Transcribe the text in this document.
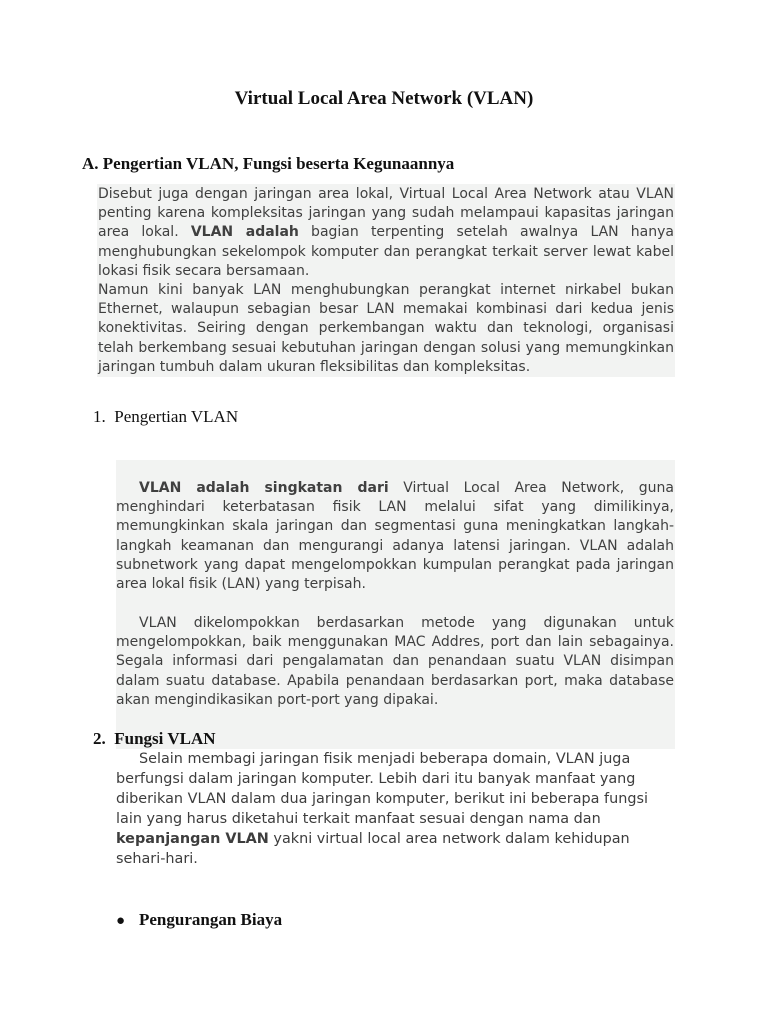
Virtual Local Area Network (VLAN)
A. Pengertian VLAN, Fungsi beserta Kegunaannya
Disebut juga dengan jaringan area lokal, Virtual Local Area Network atau VLAN penting karena kompleksitas jaringan yang sudah melampaui kapasitas jaringan area lokal. VLAN adalah bagian terpenting setelah awalnya LAN hanya menghubungkan sekelompok komputer dan perangkat terkait server lewat kabel lokasi fisik secara bersamaan.
Namun kini banyak LAN menghubungkan perangkat internet nirkabel bukan Ethernet, walaupun sebagian besar LAN memakai kombinasi dari kedua jenis konektivitas. Seiring dengan perkembangan waktu dan teknologi, organisasi telah berkembang sesuai kebutuhan jaringan dengan solusi yang memungkinkan jaringan tumbuh dalam ukuran fleksibilitas dan kompleksitas.
1. Pengertian VLAN
VLAN adalah singkatan dari Virtual Local Area Network, guna menghindari keterbatasan fisik LAN melalui sifat yang dimilikinya, memungkinkan skala jaringan dan segmentasi guna meningkatkan langkah-langkah keamanan dan mengurangi adanya latensi jaringan. VLAN adalah subnetwork yang dapat mengelompokkan kumpulan perangkat pada jaringan area lokal fisik (LAN) yang terpisah.
VLAN dikelompokkan berdasarkan metode yang digunakan untuk mengelompokkan, baik menggunakan MAC Addres, port dan lain sebagainya. Segala informasi dari pengalamatan dan penandaan suatu VLAN disimpan dalam suatu database. Apabila penandaan berdasarkan port, maka database akan mengindikasikan port-port yang dipakai.
2. Fungsi VLAN
Selain membagi jaringan fisik menjadi beberapa domain, VLAN juga berfungsi dalam jaringan komputer. Lebih dari itu banyak manfaat yang diberikan VLAN dalam dua jaringan komputer, berikut ini beberapa fungsi lain yang harus diketahui terkait manfaat sesuai dengan nama dan kepanjangan VLAN yakni virtual local area network dalam kehidupan sehari-hari.
● Pengurangan Biaya
